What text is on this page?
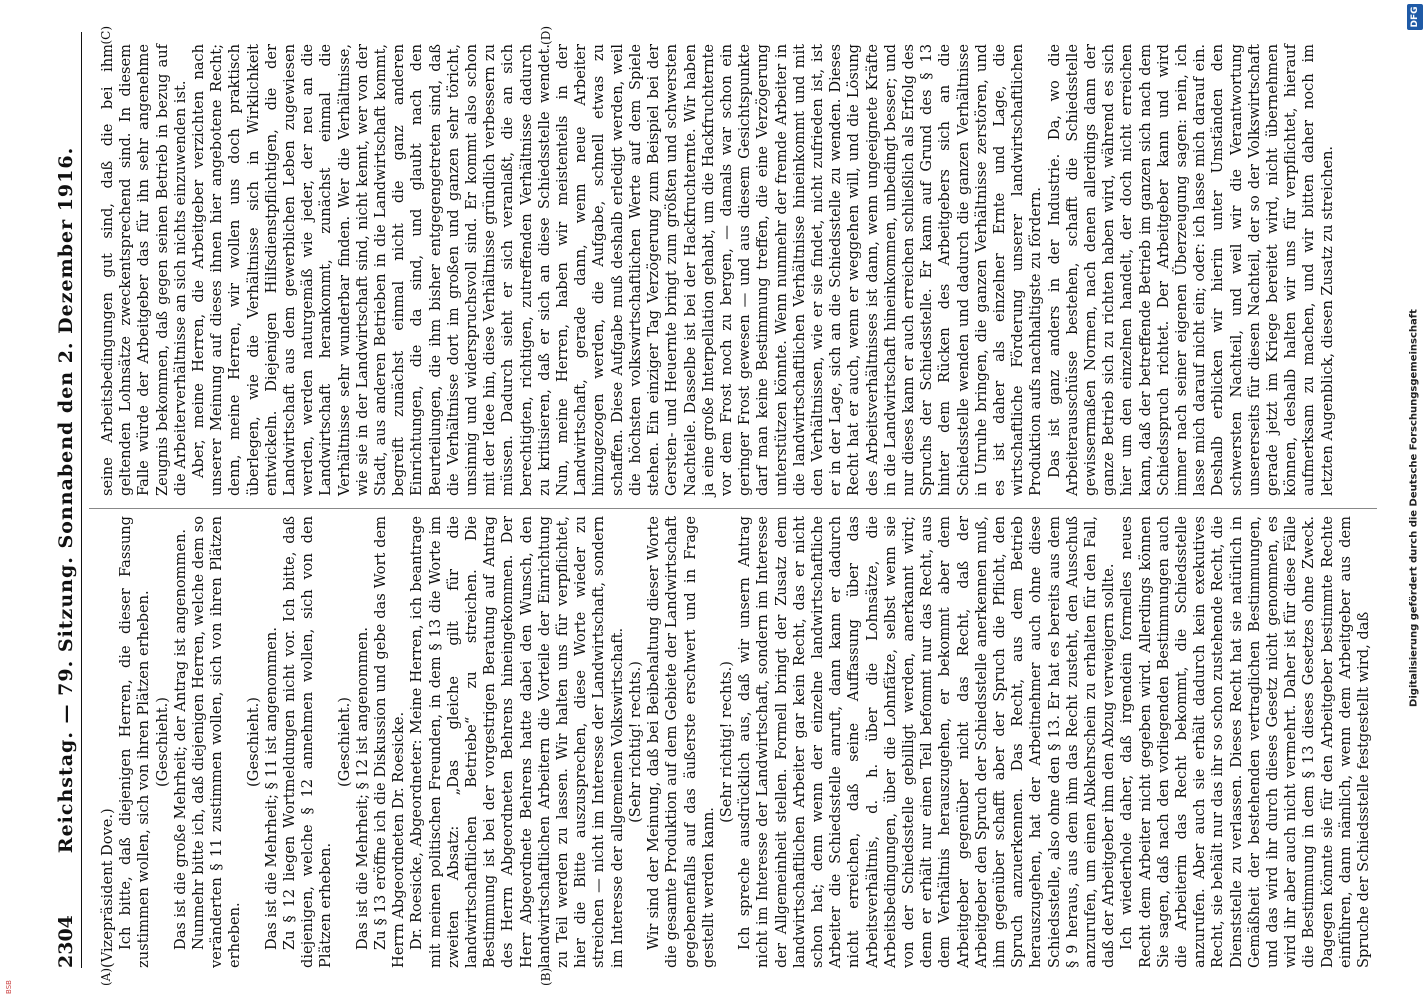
2304
Reichstag. — 79. Sitzung. Sonnabend den 2. Dezember 1916.
(A)	(B)

(Vizepräsident Dove.) Ich bitte, daß diejenigen Herren, die dieser Fassung zustimmen wollen, sich von ihren Plätzen erheben. (Geschieht.) Das ist die große Mehrheit; der Antrag ist angenommen. Nunmehr bitte ich, daß diejenigen Herren, welche dem so veränderten § 11 zustimmen wollen, sich von ihren Plätzen erheben.

(Geschieht.) Das ist die Mehrheit; § 11 ist angenommen. Zu § 12 liegen Wortmeldungen nicht vor. Ich bitte, daß diejenigen, welche § 12 annehmen wollen, sich von den Plätzen erheben.

(Geschieht.) Das ist die Mehrheit; § 12 ist angenommen. Zu § 13 eröffne ich die Diskussion und gebe das Wort dem Herrn Abgeordneten Dr. Roesicke. Dr. Roesicke, Abgeordneter: Meine Herren, ich beantrage mit meinen politischen Freunden, in dem § 13 die Worte im zweiten Absatz: „Das gleiche gilt für die landwirtschaftlichen Betriebe“ zu streichen. Die Bestimmung ist bei der vorgestrigen Beratung auf Antrag des Herrn Abgeordneten Behrens hineingekommen. Der Herr Abgeordnete Behrens hatte dabei den Wunsch, den landwirtschaftlichen Arbeitern die Vorteile der Einrichtung zu Teil werden zu lassen. Wir halten uns für verpflichtet, hier die Bitte auszusprechen, diese Worte wieder zu streichen — nicht im Interesse der Landwirtschaft, sondern im Interesse der allgemeinen Volkswirtschaft. (Sehr richtig! rechts.) Wir sind der Meinung, daß bei Beibehaltung dieser Worte die gesamte Produktion auf dem Gebiete der Landwirtschaft gegebenenfalls auf das äußerste erschwert und in Frage gestellt werden kann.

(Sehr richtig! rechts.) Ich spreche ausdrücklich aus, daß wir unsern Antrag nicht im Interesse der Landwirtschaft, sondern im Interesse der Allgemeinheit stellen. Formell bringt der Zusatz dem landwirtschaftlichen Arbeiter gar kein Recht, das er nicht schon hat; denn wenn der einzelne landwirtschaftliche Arbeiter die Schiedsstelle anruft, dann kann er dadurch nicht erreichen, daß seine Auffassung über das Arbeitsverhältnis, d. h. über die Lohnsätze, die Arbeitsbedingungen, über die Lohnfätze, selbst wenn sie von der Schiedsstelle gebilligt werden, anerkannt wird; denn er erhält nur einen Teil befommt nur das Recht, aus dem Verhältnis herauszugehen, er bekommt aber dem Arbeitgeber gegenüber nicht das Recht, daß der Arbeitgeber den Spruch der Schiedsstelle anerkennen muß, ihm gegenüber schafft aber der Spruch die Pflicht, den Spruch anzuerkennen. Das Recht, aus dem Betrieb herauszugehen, hat der Arbeitnehmer auch ohne diese Schiedsstelle, also ohne den § 13. Er hat es bereits aus dem § 9 heraus, aus dem ihm das Recht zusteht, den Ausschuß anzurufen, um einen Abkehrschein zu erhalten für den Fall, daß der Arbeitgeber ihm den Abzug verweigern sollte. Ich wiederhole daher, daß irgendein formelles neues Recht dem Arbeiter nicht gegeben wird. Allerdings können Sie sagen, daß nach den vorliegenden Bestimmungen auch die Arbeiterin das Recht bekommt, die Schiedsstelle anzurufen. Aber auch sie erhält dadurch kein exekutives Recht, sie behält nur das ihr so schon zustehende Recht, die Dienststelle zu verlassen. Dieses Recht hat sie natürlich in Gemäßheit der bestehenden vertraglichen Bestimmungen, und das wird ihr durch dieses Gesetz nicht genommen, es wird ihr aber auch nicht vermehrt. Daher ist für diese Fälle die Bestimmung in dem § 13 dieses Gesetzes ohne Zweck. Dagegen könnte sie für den Arbeitgeber bestimmte Rechte einführen, dann nämlich, wenn dem Arbeitgeber aus dem Spruche der Schiedsstelle festgestellt wird, daß

(C)	(D)

seine Arbeitsbedingungen gut sind, daß die bei ihm geltenden Lohnsätze zweckentsprechend sind. In diesem Falle würde der Arbeitgeber das für ihn sehr angenehme Zeugnis bekommen, daß gegen seinen Betrieb in bezug auf die Arbeiterverhältnisse an sich nichts einzuwenden ist. Aber, meine Herren, die Arbeitgeber verzichten nach unserer Meinung auf dieses ihnen hier angebotene Recht; denn, meine Herren, wir wollen uns doch praktisch überlegen, wie die Verhältnisse sich in Wirklichkeit entwickeln. Diejenigen Hilfsdienstpflichtigen, die der Landwirtschaft aus dem gewerblichen Leben zugewiesen werden, werden naturgemäß wie jeder, der neu an die Landwirtschaft herankommt, zunächst einmal die Verhältnisse sehr wunderbar finden. Wer die Verhältnisse, wie sie in der Landwirtschaft sind, nicht kennt, wer von der Stadt, aus anderen Betrieben in die Landwirtschaft kommt, begreift zunächst einmal nicht die ganz anderen Einrichtungen, die da sind, und glaubt nach den Beurteilungen, die ihm bisher entgegengetreten sind, daß die Verhältnisse dort im großen und ganzen sehr töricht, unsinnig und widerspruchsvoll sind. Er kommt also schon mit der Idee hin, diese Verhältnisse gründlich verbessern zu müssen. Dadurch sieht er sich veranlaßt, die an sich berechtigten, richtigen, zutreffenden Verhältnisse dadurch zu kritisieren, daß er sich an diese Schiedsstelle wendet. Nun, meine Herren, haben wir meistenteils in der Landwirtschaft, gerade dann, wenn neue Arbeiter hinzugezogen werden, die Aufgabe, schnell etwas zu schaffen. Diese Aufgabe muß deshalb erledigt werden, weil die höchsten volkswirtschaftlichen Werte auf dem Spiele stehen. Ein einziger Tag Verzögerung zum Beispiel bei der Gersten- und Heuernte bringt zum größten und schwersten Nachteile. Dasselbe ist bei der Hackfruchternte. Wir haben ja eine große Interpellation gehabt, um die Hackfruchternte vor dem Frost noch zu bergen, — damals war schon ein geringer Frost gewesen — und aus diesem Gesichtspunkte darf man keine Bestimmung treffen, die eine Verzögerung unterstützen könnte. Wenn nunmehr der fremde Arbeiter in die landwirtschaftlichen Verhältnisse hineinkommt und mit den Verhältnissen, wie er sie findet, nicht zufrieden ist, ist er in der Lage, sich an die Schiedsstelle zu wenden. Dieses Recht hat er auch, wenn er weggehen will, und die Lösung des Arbeitsverhältnisses ist dann, wenn ungeeignete Kräfte in die Landwirtschaft hineinkommen, unbedingt besser; und nur dieses kann er auch erreichen schließlich als Erfolg des Spruchs der Schiedsstelle. Er kann auf Grund des § 13 hinter dem Rücken des Arbeitgebers sich an die Schiedsstelle wenden und dadurch die ganzen Verhältnisse in Unruhe bringen, die ganzen Verhältnisse zerstören, und es ist daher als einzelner Ernte und Lage, die wirtschaftliche Förderung unserer landwirtschaftlichen Produktion aufs nachhaltigste zu fördern. Das ist ganz anders in der Industrie. Da, wo die Arbeiterausschüsse bestehen, schafft die Schiedsstelle gewissermaßen Normen, nach denen allerdings dann der ganze Betrieb sich zu richten haben wird, während es sich hier um den einzelnen handelt, der doch nicht erreichen kann, daß der betreffende Betrieb im ganzen sich nach dem Schiedsspruch richtet. Der Arbeitgeber kann und wird immer nach seiner eigenen Überzeugung sagen: nein, ich lasse mich darauf nicht ein; oder: ich lasse mich darauf ein. Deshalb erblicken wir hierin unter Umständen den schwersten Nachteil, und weil wir die Verantwortung unsererseits für diesen Nachteil, der so der Volkswirtschaft gerade jetzt im Kriege bereitet wird, nicht übernehmen können, deshalb halten wir uns für verpflichtet, hierauf aufmerksam zu machen, und wir bitten daher noch im letzten Augenblick, diesen Zusatz zu streichen.

DFG
Digitalisierung gefördert durch die Deutsche Forschungsgemeinschaft
BSB
